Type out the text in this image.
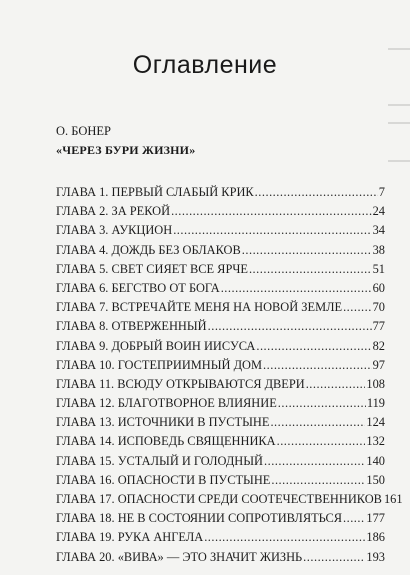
Оглавление
О. БОНЕР
«ЧЕРЕЗ БУРИ ЖИЗНИ»
ГЛАВА 1. ПЕРВЫЙ СЛАБЫЙ КРИК .....	7
ГЛАВА 2. ЗА РЕКОЙ .....	24
ГЛАВА 3. АУКЦИОН .....	34
ГЛАВА 4. ДОЖДЬ БЕЗ ОБЛАКОВ .....	38
ГЛАВА 5. СВЕТ СИЯЕТ ВСЕ ЯРЧЕ .....	51
ГЛАВА 6. БЕГСТВО ОТ БОГА .....	60
ГЛАВА 7. ВСТРЕЧАЙТЕ МЕНЯ НА НОВОЙ ЗЕМЛЕ ..... 70
ГЛАВА 8. ОТВЕРЖЕННЫЙ .....	77
ГЛАВА 9. ДОБРЫЙ ВОИН ИИСУСА .....	82
ГЛАВА 10. ГОСТЕПРИИМНЫЙ ДОМ .....	97
ГЛАВА 11. ВСЮДУ ОТКРЫВАЮТСЯ ДВЕРИ .....	108
ГЛАВА 12. БЛАГОТВОРНОЕ ВЛИЯНИЕ .....	119
ГЛАВА 13. ИСТОЧНИКИ В ПУСТЫНЕ .....	124
ГЛАВА 14. ИСПОВЕДЬ СВЯЩЕННИКА .....	132
ГЛАВА 15. УСТАЛЫЙ И ГОЛОДНЫЙ .....	140
ГЛАВА 16. ОПАСНОСТИ В ПУСТЫНЕ .....	150
ГЛАВА 17. ОПАСНОСТИ СРЕДИ СООТЕЧЕСТВЕННИКОВ 161
ГЛАВА 18. НЕ В СОСТОЯНИИ СОПРОТИВЛЯТЬСЯ ..... 177
ГЛАВА 19. РУКА АНГЕЛА .....	186
ГЛАВА 20. «ВИВА» — ЭТО ЗНАЧИТ ЖИЗНЬ .....	193
